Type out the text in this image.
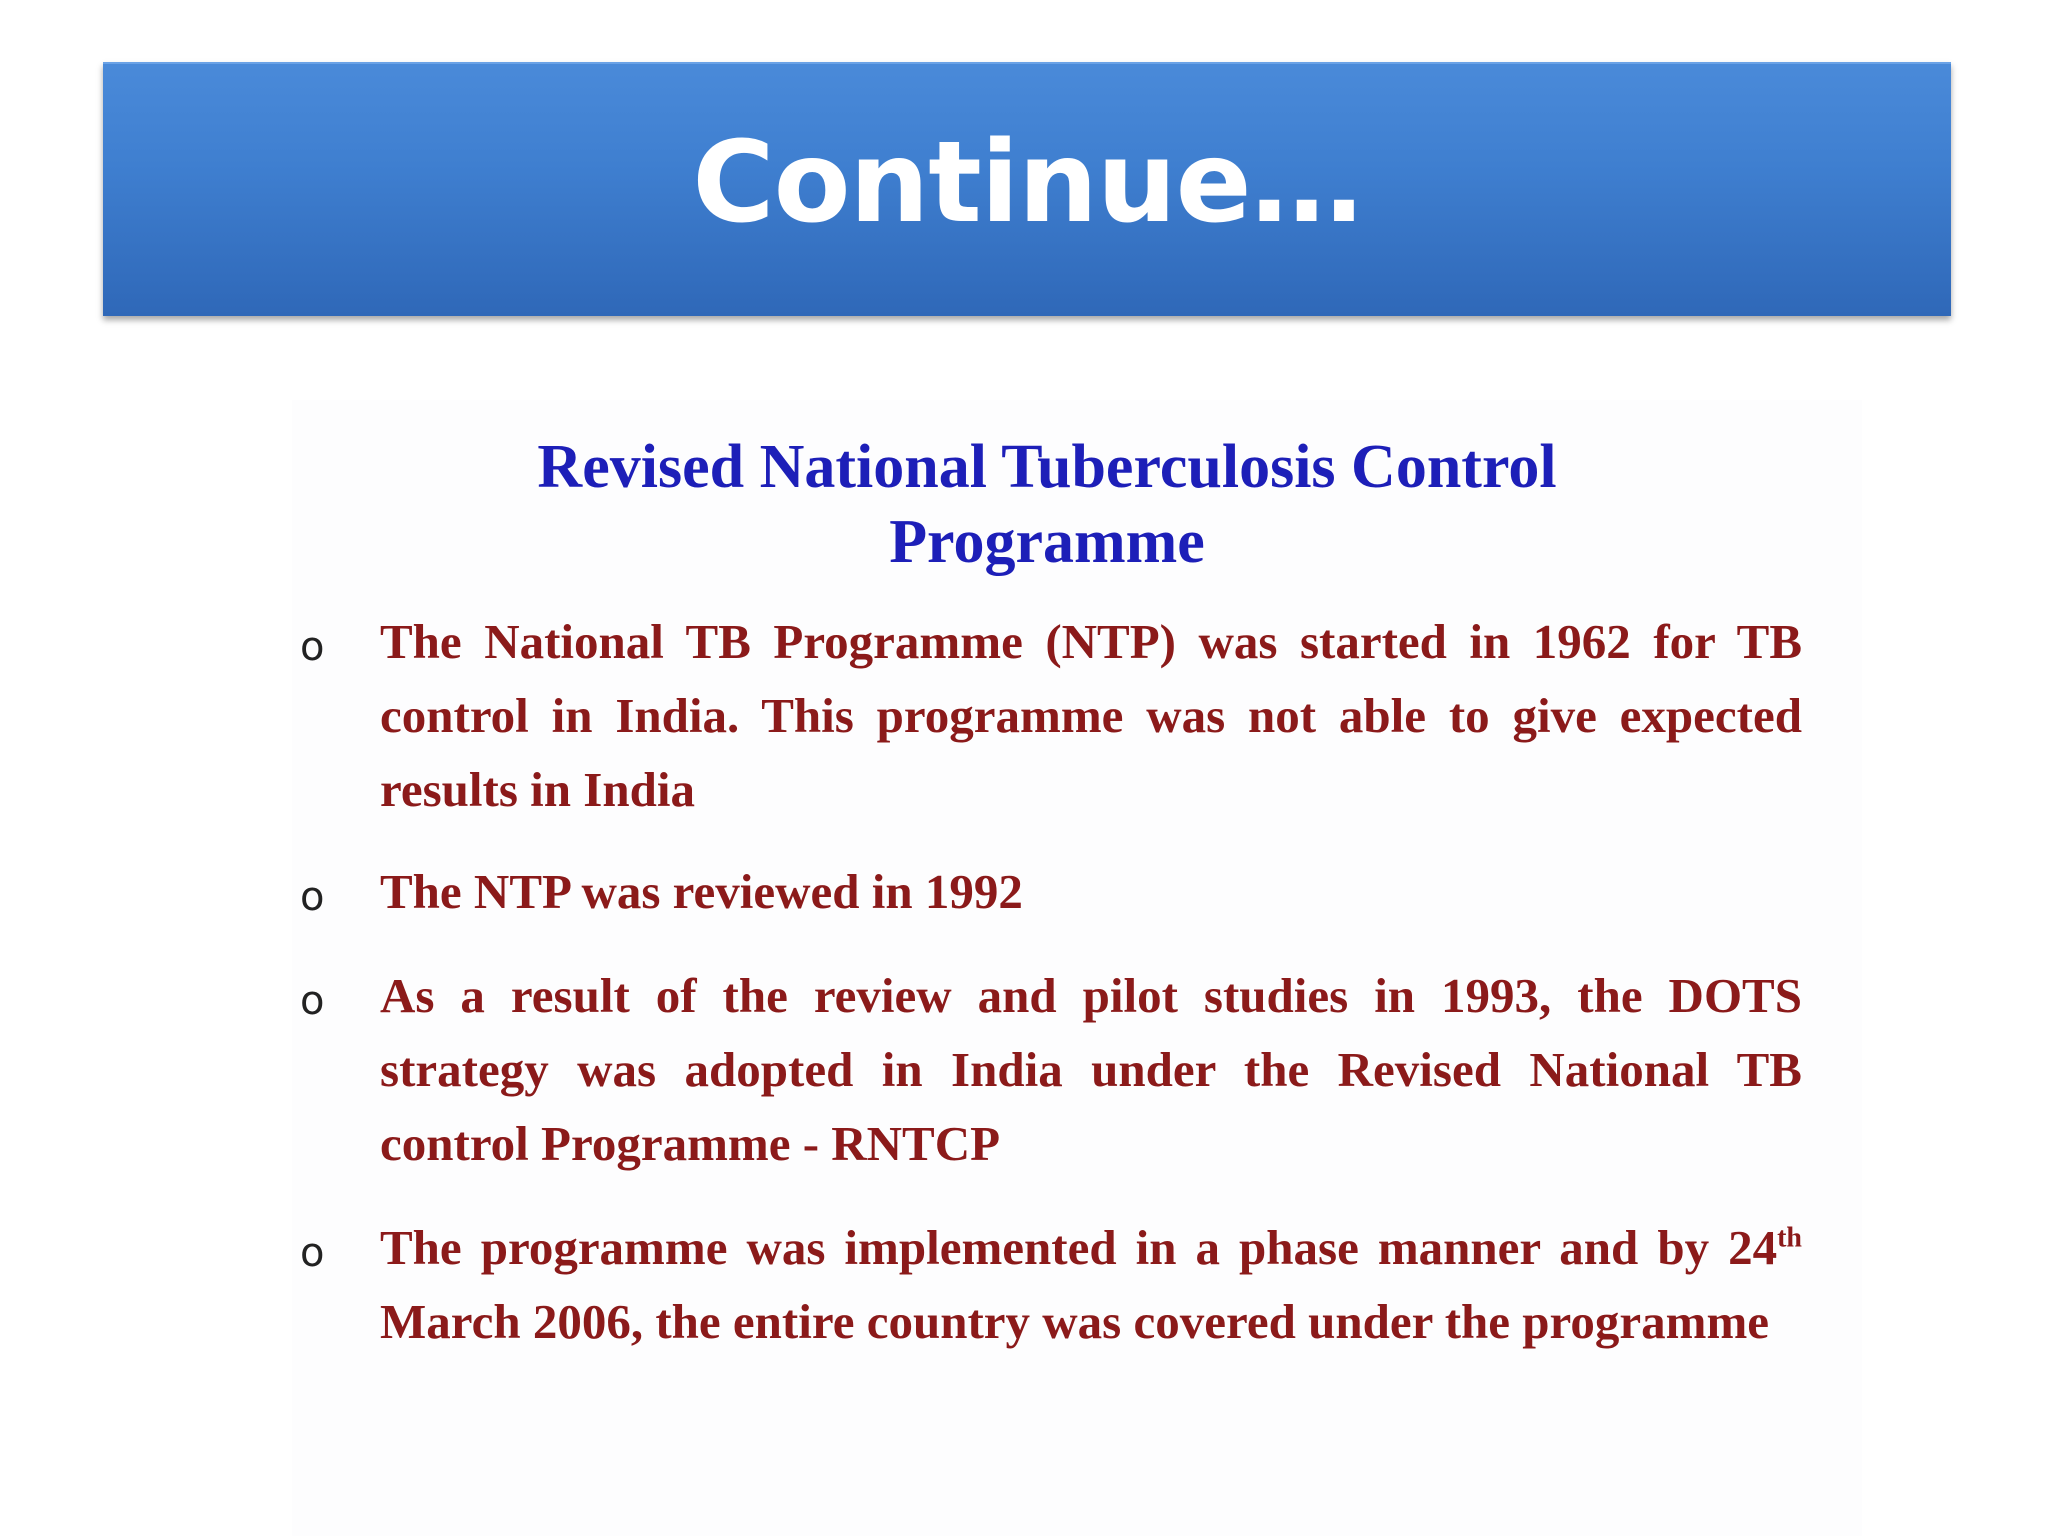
Continue…
Revised National Tuberculosis Control
Programme
o The National TB Programme (NTP) was started in 1962 for TB control in India. This programme was not able to give expected results in India
o The NTP was reviewed in 1992
o As a result of the review and pilot studies in 1993, the DOTS strategy was adopted in India under the Revised National TB control Programme - RNTCP
o The programme was implemented in a phase manner and by 24th March 2006, the entire country was covered under the programme
